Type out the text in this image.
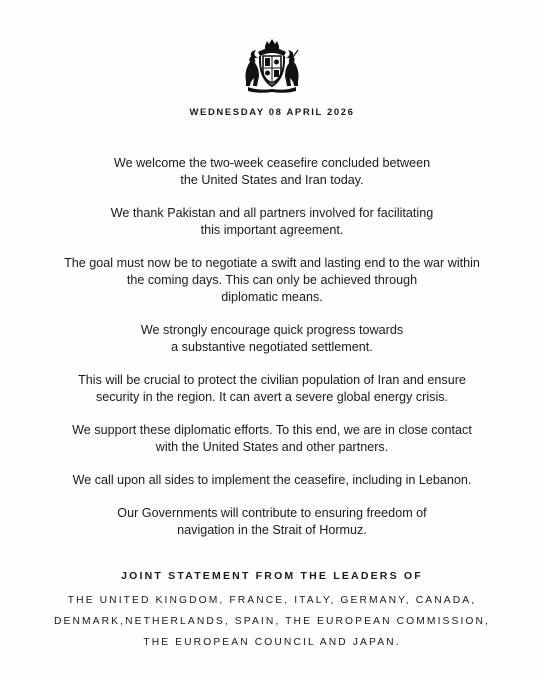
WEDNESDAY 08 APRIL 2026

We welcome the two-week ceasefire concluded between
the United States and Iran today.

We thank Pakistan and all partners involved for facilitating
this important agreement.

The goal must now be to negotiate a swift and lasting end to the war within
the coming days. This can only be achieved through
diplomatic means.

We strongly encourage quick progress towards
a substantive negotiated settlement.

This will be crucial to protect the civilian population of Iran and ensure
security in the region. It can avert a severe global energy crisis.

We support these diplomatic efforts. To this end, we are in close contact
with the United States and other partners.

We call upon all sides to implement the ceasefire, including in Lebanon.

Our Governments will contribute to ensuring freedom of
navigation in the Strait of Hormuz.

JOINT STATEMENT FROM THE LEADERS OF
THE UNITED KINGDOM, FRANCE, ITALY, GERMANY, CANADA,
DENMARK,NETHERLANDS, SPAIN, THE EUROPEAN COMMISSION,
THE EUROPEAN COUNCIL AND JAPAN.
